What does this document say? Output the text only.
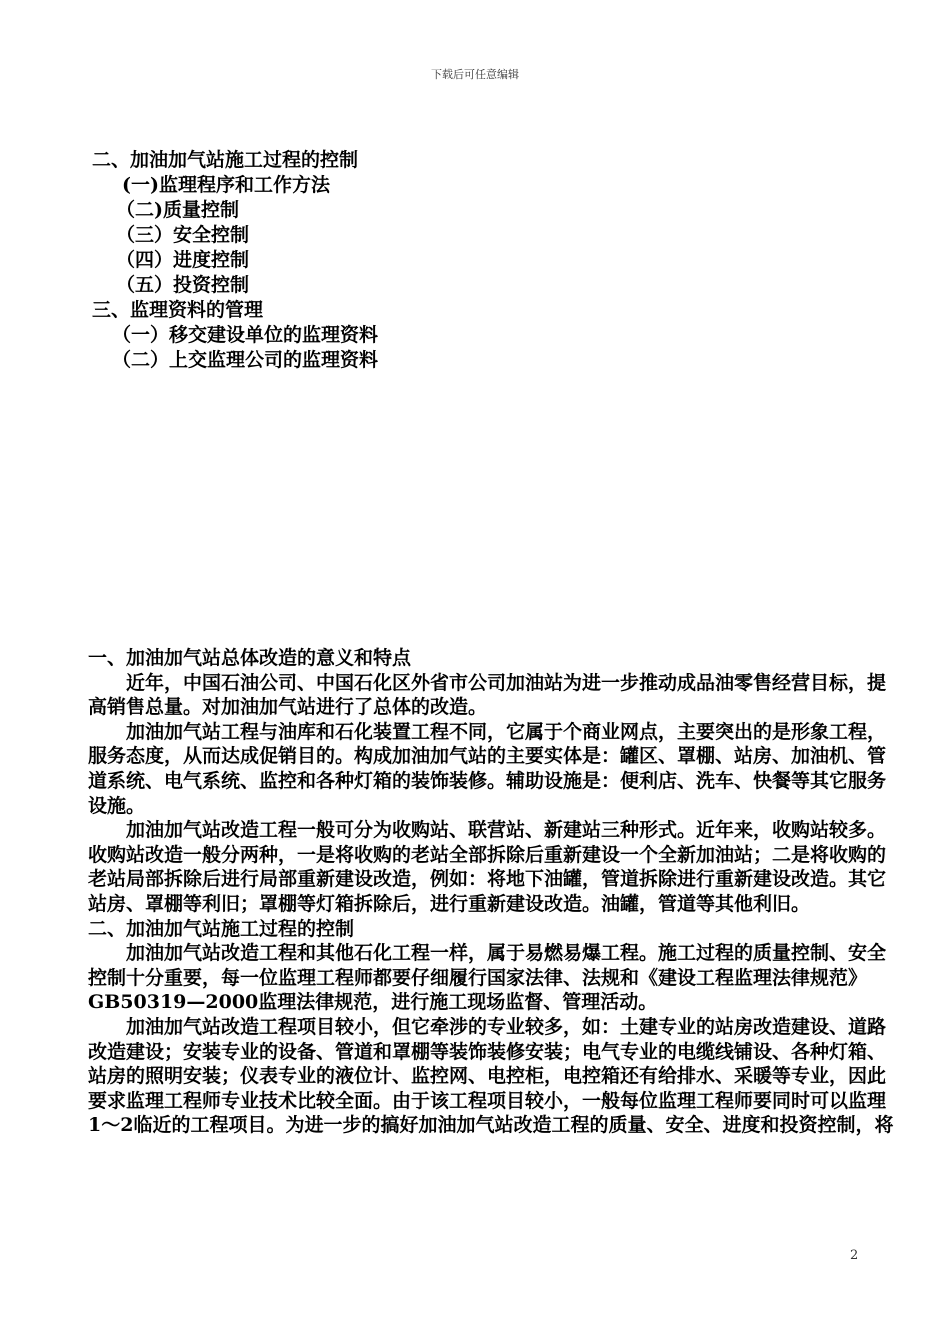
下载后可任意编辑
二、加油加气站施工过程的控制
(一)监理程序和工作方法
（二)质量控制
（三）安全控制
（四）进度控制
（五）投资控制
三、监理资料的管理
（一）移交建设单位的监理资料
（二）上交监理公司的监理资料

一、加油加气站总体改造的意义和特点

近年，中国石油公司、中国石化区外省市公司加油站为进一步推动成品油零售经营目标，提高销售总量。对加油加气站进行了总体的改造。

加油加气站工程与油库和石化装置工程不同，它属于个商业网点，主要突出的是形象工程，服务态度，从而达成促销目的。构成加油加气站的主要实体是：罐区、罩棚、站房、加油机、管道系统、电气系统、监控和各种灯箱的装饰装修。辅助设施是：便利店、洗车、快餐等其它服务设施。

加油加气站改造工程一般可分为收购站、联营站、新建站三种形式。近年来，收购站较多。收购站改造一般分两种，一是将收购的老站全部拆除后重新建设一个全新加油站；二是将收购的老站局部拆除后进行局部重新建设改造，例如：将地下油罐，管道拆除进行重新建设改造。其它站房、罩棚等利旧；罩棚等灯箱拆除后，进行重新建设改造。油罐，管道等其他利旧。

二、加油加气站施工过程的控制

加油加气站改造工程和其他石化工程一样，属于易燃易爆工程。施工过程的质量控制、安全控制十分重要，每一位监理工程师都要仔细履行国家法律、法规和《建设工程监理法律规范》GB50319—2000监理法律规范，进行施工现场监督、管理活动。

加油加气站改造工程项目较小，但它牵涉的专业较多，如：土建专业的站房改造建设、道路改造建设；安装专业的设备、管道和罩棚等装饰装修安装；电气专业的电缆线铺设、各种灯箱、站房的照明安装；仪表专业的液位计、监控网、电控柜，电控箱还有给排水、采暖等专业，因此要求监理工程师专业技术比较全面。由于该工程项目较小，一般每位监理工程师要同时可以监理1～2临近的工程项目。为进一步的搞好加油加气站改造工程的质量、安全、进度和投资控制，将

2
